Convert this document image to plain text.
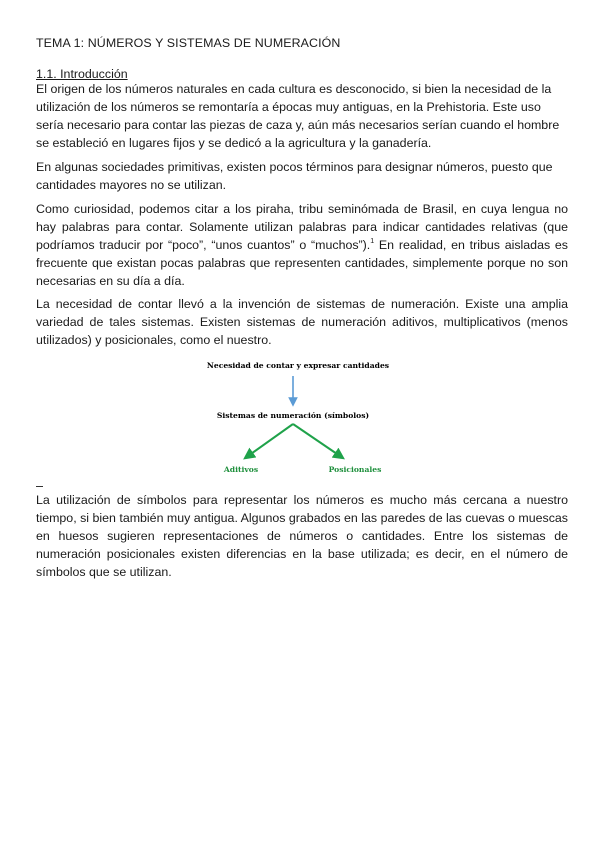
TEMA 1: NÚMEROS Y SISTEMAS DE NUMERACIÓN
1.1. Introducción
El origen de los números naturales en cada cultura es desconocido, si bien la necesidad de la utilización de los números se remontaría a épocas muy antiguas, en la Prehistoria. Este uso sería necesario para contar las piezas de caza y, aún más necesarios serían cuando el hombre se estableció en lugares fijos y se dedicó a la agricultura y la ganadería.
En algunas sociedades primitivas, existen pocos términos para designar números, puesto que cantidades mayores no se utilizan.
Como curiosidad, podemos citar a los piraha, tribu seminómada de Brasil, en cuya lengua no hay palabras para contar. Solamente utilizan palabras para indicar cantidades relativas (que podríamos traducir por “poco”, “unos cuantos” o “muchos”).$^1$ En realidad, en tribus aisladas es frecuente que existan pocas palabras que representen cantidades, simplemente porque no son necesarias en su día a día.
La necesidad de contar llevó a la invención de sistemas de numeración. Existe una amplia variedad de tales sistemas. Existen sistemas de numeración aditivos, multiplicativos (menos utilizados) y posicionales, como el nuestro.
Necesidad de contar y expresar cantidades
Sistemas de numeración (símbolos)
Aditivos	Posicionales
La utilización de símbolos para representar los números es mucho más cercana a nuestro tiempo, si bien también muy antigua. Algunos grabados en las paredes de las cuevas o muescas en huesos sugieren representaciones de números o cantidades. Entre los sistemas de numeración posicionales existen diferencias en la base utilizada; es decir, en el número de símbolos que se utilizan.
